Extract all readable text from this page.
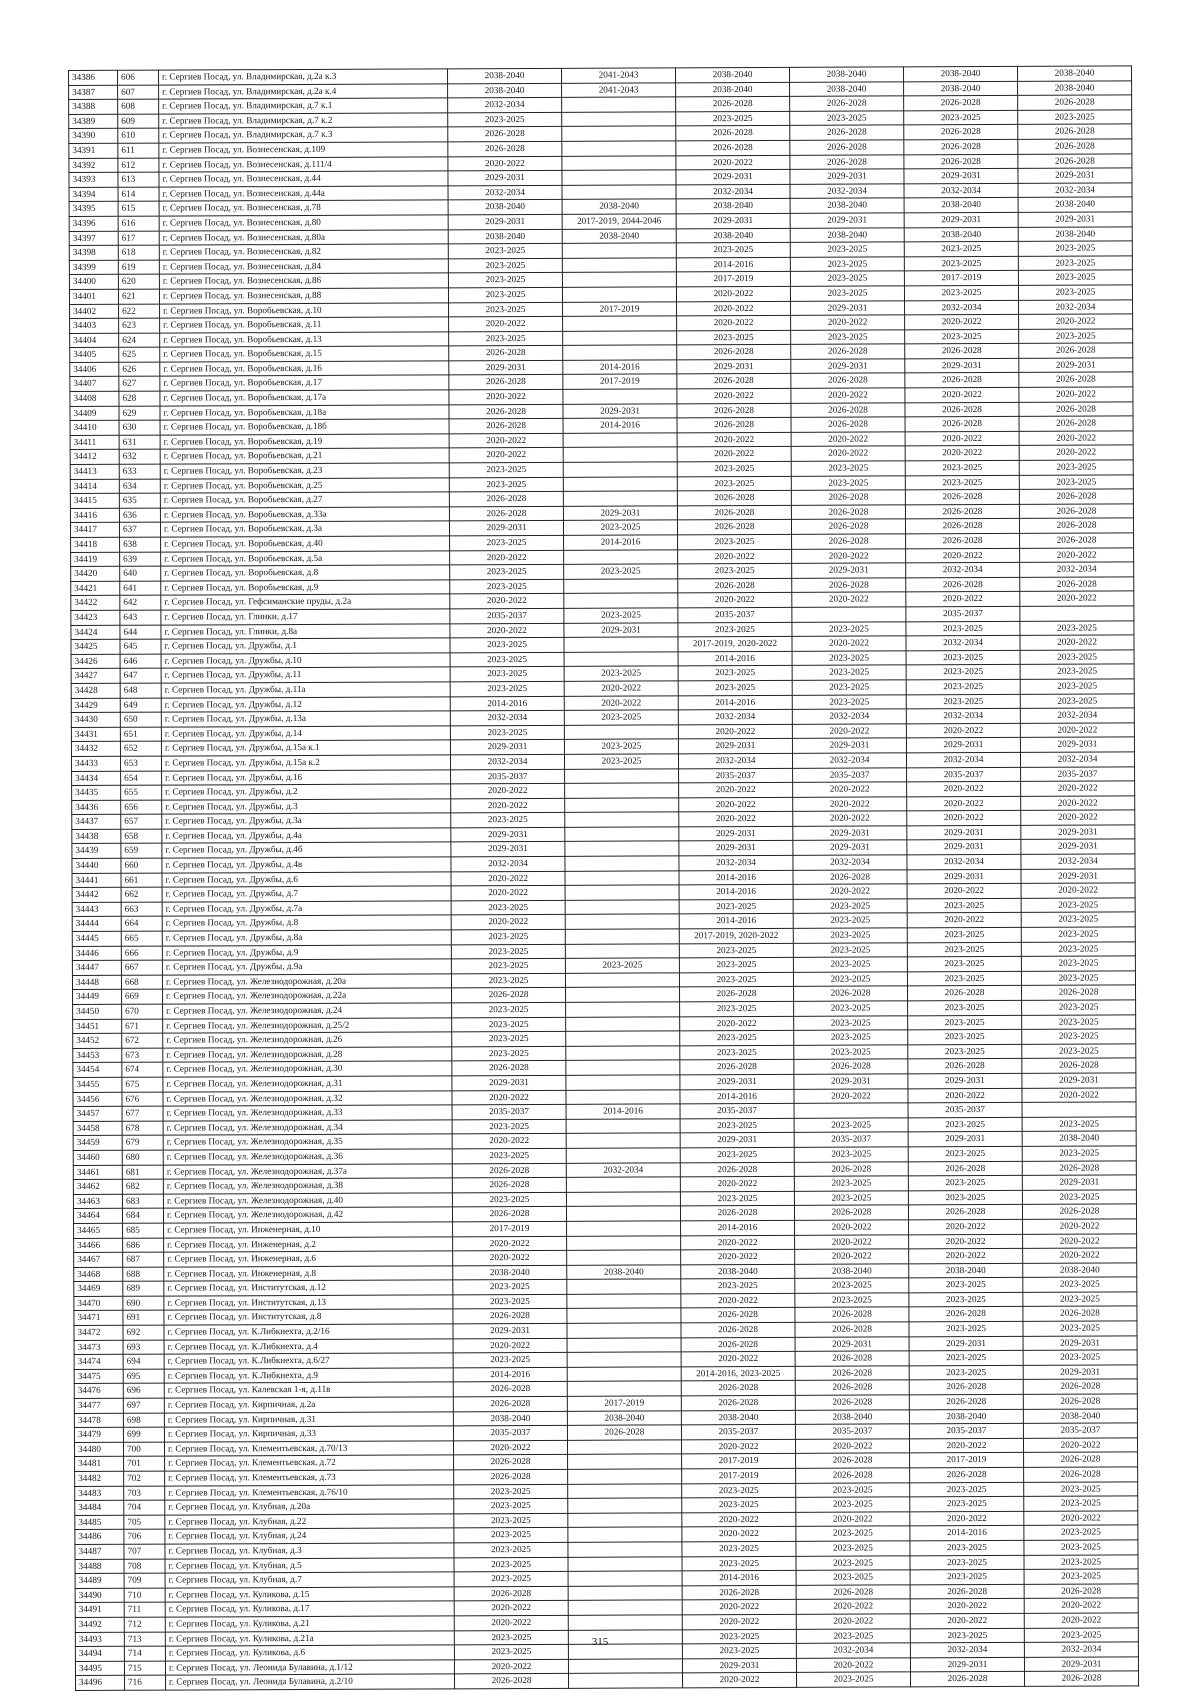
34386	606	г. Сергиев Посад, ул. Владимирская, д.2а к.3	2038-2040	2041-2043	2038-2040	2038-2040	2038-2040	2038-2040
34387	607	г. Сергиев Посад, ул. Владимирская, д.2а к.4	2038-2040	2041-2043	2038-2040	2038-2040	2038-2040	2038-2040
34388	608	г. Сергиев Посад, ул. Владимирская, д.7 к.1	2032-2034		2026-2028	2026-2028	2026-2028	2026-2028
34389	609	г. Сергиев Посад, ул. Владимирская, д.7 к.2	2023-2025		2023-2025	2023-2025	2023-2025	2023-2025
34390	610	г. Сергиев Посад, ул. Владимирская, д.7 к.3	2026-2028		2026-2028	2026-2028	2026-2028	2026-2028
34391	611	г. Сергиев Посад, ул. Вознесенская, д.109	2026-2028		2026-2028	2026-2028	2026-2028	2026-2028
34392	612	г. Сергиев Посад, ул. Вознесенская, д.111/4	2020-2022		2020-2022	2026-2028	2026-2028	2026-2028
34393	613	г. Сергиев Посад, ул. Вознесенская, д.44	2029-2031		2029-2031	2029-2031	2029-2031	2029-2031
34394	614	г. Сергиев Посад, ул. Вознесенская, д.44а	2032-2034		2032-2034	2032-2034	2032-2034	2032-2034
34395	615	г. Сергиев Посад, ул. Вознесенская, д.78	2038-2040	2038-2040	2038-2040	2038-2040	2038-2040	2038-2040
34396	616	г. Сергиев Посад, ул. Вознесенская, д.80	2029-2031	2017-2019, 2044-2046	2029-2031	2029-2031	2029-2031	2029-2031
34397	617	г. Сергиев Посад, ул. Вознесенская, д.80а	2038-2040	2038-2040	2038-2040	2038-2040	2038-2040	2038-2040
34398	618	г. Сергиев Посад, ул. Вознесенская, д.82	2023-2025		2023-2025	2023-2025	2023-2025	2023-2025
34399	619	г. Сергиев Посад, ул. Вознесенская, д.84	2023-2025		2014-2016	2023-2025	2023-2025	2023-2025
34400	620	г. Сергиев Посад, ул. Вознесенская, д.86	2023-2025		2017-2019	2023-2025	2017-2019	2023-2025
34401	621	г. Сергиев Посад, ул. Вознесенская, д.88	2023-2025		2020-2022	2023-2025	2023-2025	2023-2025
34402	622	г. Сергиев Посад, ул. Воробьевская, д.10	2023-2025	2017-2019	2020-2022	2029-2031	2032-2034	2032-2034
34403	623	г. Сергиев Посад, ул. Воробьевская, д.11	2020-2022		2020-2022	2020-2022	2020-2022	2020-2022
34404	624	г. Сергиев Посад, ул. Воробьевская, д.13	2023-2025		2023-2025	2023-2025	2023-2025	2023-2025
34405	625	г. Сергиев Посад, ул. Воробьевская, д.15	2026-2028		2026-2028	2026-2028	2026-2028	2026-2028
34406	626	г. Сергиев Посад, ул. Воробьевская, д.16	2029-2031	2014-2016	2029-2031	2029-2031	2029-2031	2029-2031
34407	627	г. Сергиев Посад, ул. Воробьевская, д.17	2026-2028	2017-2019	2026-2028	2026-2028	2026-2028	2026-2028
34408	628	г. Сергиев Посад, ул. Воробьевская, д.17а	2020-2022		2020-2022	2020-2022	2020-2022	2020-2022
34409	629	г. Сергиев Посад, ул. Воробьевская, д.18а	2026-2028	2029-2031	2026-2028	2026-2028	2026-2028	2026-2028
34410	630	г. Сергиев Посад, ул. Воробьевская, д.18б	2026-2028	2014-2016	2026-2028	2026-2028	2026-2028	2026-2028
34411	631	г. Сергиев Посад, ул. Воробьевская, д.19	2020-2022		2020-2022	2020-2022	2020-2022	2020-2022
34412	632	г. Сергиев Посад, ул. Воробьевская, д.21	2020-2022		2020-2022	2020-2022	2020-2022	2020-2022
34413	633	г. Сергиев Посад, ул. Воробьевская, д.23	2023-2025		2023-2025	2023-2025	2023-2025	2023-2025
34414	634	г. Сергиев Посад, ул. Воробьевская, д.25	2023-2025		2023-2025	2023-2025	2023-2025	2023-2025
34415	635	г. Сергиев Посад, ул. Воробьевская, д.27	2026-2028		2026-2028	2026-2028	2026-2028	2026-2028
34416	636	г. Сергиев Посад, ул. Воробьевская, д.33а	2026-2028	2029-2031	2026-2028	2026-2028	2026-2028	2026-2028
34417	637	г. Сергиев Посад, ул. Воробьевская, д.3а	2029-2031	2023-2025	2026-2028	2026-2028	2026-2028	2026-2028
34418	638	г. Сергиев Посад, ул. Воробьевская, д.40	2023-2025	2014-2016	2023-2025	2026-2028	2026-2028	2026-2028
34419	639	г. Сергиев Посад, ул. Воробьевская, д.5а	2020-2022		2020-2022	2020-2022	2020-2022	2020-2022
34420	640	г. Сергиев Посад, ул. Воробьевская, д.8	2023-2025	2023-2025	2023-2025	2029-2031	2032-2034	2032-2034
34421	641	г. Сергиев Посад, ул. Воробьевская, д.9	2023-2025		2026-2028	2026-2028	2026-2028	2026-2028
34422	642	г. Сергиев Посад, ул. Гефсиманские пруды, д.2а	2020-2022		2020-2022	2020-2022	2020-2022	2020-2022
34423	643	г. Сергиев Посад, ул. Глинки, д.17	2035-2037	2023-2025	2035-2037		2035-2037	
34424	644	г. Сергиев Посад, ул. Глинки, д.8а	2020-2022	2029-2031	2023-2025	2023-2025	2023-2025	2023-2025
34425	645	г. Сергиев Посад, ул. Дружбы, д.1	2023-2025		2017-2019, 2020-2022	2020-2022	2032-2034	2020-2022
34426	646	г. Сергиев Посад, ул. Дружбы, д.10	2023-2025		2014-2016	2023-2025	2023-2025	2023-2025
34427	647	г. Сергиев Посад, ул. Дружбы, д.11	2023-2025	2023-2025	2023-2025	2023-2025	2023-2025	2023-2025
34428	648	г. Сергиев Посад, ул. Дружбы, д.11а	2023-2025	2020-2022	2023-2025	2023-2025	2023-2025	2023-2025
34429	649	г. Сергиев Посад, ул. Дружбы, д.12	2014-2016	2020-2022	2014-2016	2023-2025	2023-2025	2023-2025
34430	650	г. Сергиев Посад, ул. Дружбы, д.13а	2032-2034	2023-2025	2032-2034	2032-2034	2032-2034	2032-2034
34431	651	г. Сергиев Посад, ул. Дружбы, д.14	2023-2025		2020-2022	2020-2022	2020-2022	2020-2022
34432	652	г. Сергиев Посад, ул. Дружбы, д.15а к.1	2029-2031	2023-2025	2029-2031	2029-2031	2029-2031	2029-2031
34433	653	г. Сергиев Посад, ул. Дружбы, д.15а к.2	2032-2034	2023-2025	2032-2034	2032-2034	2032-2034	2032-2034
34434	654	г. Сергиев Посад, ул. Дружбы, д.16	2035-2037		2035-2037	2035-2037	2035-2037	2035-2037
34435	655	г. Сергиев Посад, ул. Дружбы, д.2	2020-2022		2020-2022	2020-2022	2020-2022	2020-2022
34436	656	г. Сергиев Посад, ул. Дружбы, д.3	2020-2022		2020-2022	2020-2022	2020-2022	2020-2022
34437	657	г. Сергиев Посад, ул. Дружбы, д.3а	2023-2025		2020-2022	2020-2022	2020-2022	2020-2022
34438	658	г. Сергиев Посад, ул. Дружбы, д.4а	2029-2031		2029-2031	2029-2031	2029-2031	2029-2031
34439	659	г. Сергиев Посад, ул. Дружбы, д.4б	2029-2031		2029-2031	2029-2031	2029-2031	2029-2031
34440	660	г. Сергиев Посад, ул. Дружбы, д.4в	2032-2034		2032-2034	2032-2034	2032-2034	2032-2034
34441	661	г. Сергиев Посад, ул. Дружбы, д.6	2020-2022		2014-2016	2026-2028	2029-2031	2029-2031
34442	662	г. Сергиев Посад, ул. Дружбы, д.7	2020-2022		2014-2016	2020-2022	2020-2022	2020-2022
34443	663	г. Сергиев Посад, ул. Дружбы, д.7а	2023-2025		2023-2025	2023-2025	2023-2025	2023-2025
34444	664	г. Сергиев Посад, ул. Дружбы, д.8	2020-2022		2014-2016	2023-2025	2020-2022	2023-2025
34445	665	г. Сергиев Посад, ул. Дружбы, д.8а	2023-2025		2017-2019, 2020-2022	2023-2025	2023-2025	2023-2025
34446	666	г. Сергиев Посад, ул. Дружбы, д.9	2023-2025		2023-2025	2023-2025	2023-2025	2023-2025
34447	667	г. Сергиев Посад, ул. Дружбы, д.9а	2023-2025	2023-2025	2023-2025	2023-2025	2023-2025	2023-2025
34448	668	г. Сергиев Посад, ул. Железнодорожная, д.20а	2023-2025		2023-2025	2023-2025	2023-2025	2023-2025
34449	669	г. Сергиев Посад, ул. Железнодорожная, д.22а	2026-2028		2026-2028	2026-2028	2026-2028	2026-2028
34450	670	г. Сергиев Посад, ул. Железнодорожная, д.24	2023-2025		2023-2025	2023-2025	2023-2025	2023-2025
34451	671	г. Сергиев Посад, ул. Железнодорожная, д.25/2	2023-2025		2020-2022	2023-2025	2023-2025	2023-2025
34452	672	г. Сергиев Посад, ул. Железнодорожная, д.26	2023-2025		2023-2025	2023-2025	2023-2025	2023-2025
34453	673	г. Сергиев Посад, ул. Железнодорожная, д.28	2023-2025		2023-2025	2023-2025	2023-2025	2023-2025
34454	674	г. Сергиев Посад, ул. Железнодорожная, д.30	2026-2028		2026-2028	2026-2028	2026-2028	2026-2028
34455	675	г. Сергиев Посад, ул. Железнодорожная, д.31	2029-2031		2029-2031	2029-2031	2029-2031	2029-2031
34456	676	г. Сергиев Посад, ул. Железнодорожная, д.32	2020-2022		2014-2016	2020-2022	2020-2022	2020-2022
34457	677	г. Сергиев Посад, ул. Железнодорожная, д.33	2035-2037	2014-2016	2035-2037		2035-2037	
34458	678	г. Сергиев Посад, ул. Железнодорожная, д.34	2023-2025		2023-2025	2023-2025	2023-2025	2023-2025
34459	679	г. Сергиев Посад, ул. Железнодорожная, д.35	2020-2022		2029-2031	2035-2037	2029-2031	2038-2040
34460	680	г. Сергиев Посад, ул. Железнодорожная, д.36	2023-2025		2023-2025	2023-2025	2023-2025	2023-2025
34461	681	г. Сергиев Посад, ул. Железнодорожная, д.37а	2026-2028	2032-2034	2026-2028	2026-2028	2026-2028	2026-2028
34462	682	г. Сергиев Посад, ул. Железнодорожная, д.38	2026-2028		2020-2022	2023-2025	2023-2025	2029-2031
34463	683	г. Сергиев Посад, ул. Железнодорожная, д.40	2023-2025		2023-2025	2023-2025	2023-2025	2023-2025
34464	684	г. Сергиев Посад, ул. Железнодорожная, д.42	2026-2028		2026-2028	2026-2028	2026-2028	2026-2028
34465	685	г. Сергиев Посад, ул. Инженерная, д.10	2017-2019		2014-2016	2020-2022	2020-2022	2020-2022
34466	686	г. Сергиев Посад, ул. Инженерная, д.2	2020-2022		2020-2022	2020-2022	2020-2022	2020-2022
34467	687	г. Сергиев Посад, ул. Инженерная, д.6	2020-2022		2020-2022	2020-2022	2020-2022	2020-2022
34468	688	г. Сергиев Посад, ул. Инженерная, д.8	2038-2040	2038-2040	2038-2040	2038-2040	2038-2040	2038-2040
34469	689	г. Сергиев Посад, ул. Институтская, д.12	2023-2025		2023-2025	2023-2025	2023-2025	2023-2025
34470	690	г. Сергиев Посад, ул. Институтская, д.13	2023-2025		2020-2022	2023-2025	2023-2025	2023-2025
34471	691	г. Сергиев Посад, ул. Институтская, д.8	2026-2028		2026-2028	2026-2028	2026-2028	2026-2028
34472	692	г. Сергиев Посад, ул. К.Либкнехта, д.2/16	2029-2031		2026-2028	2026-2028	2023-2025	2023-2025
34473	693	г. Сергиев Посад, ул. К.Либкнехта, д.4	2020-2022		2026-2028	2029-2031	2029-2031	2029-2031
34474	694	г. Сергиев Посад, ул. К.Либкнехта, д.6/27	2023-2025		2020-2022	2026-2028	2023-2025	2023-2025
34475	695	г. Сергиев Посад, ул. К.Либкнехта, д.9	2014-2016		2014-2016, 2023-2025	2026-2028	2023-2025	2029-2031
34476	696	г. Сергиев Посад, ул. Калевская 1-я, д.11в	2026-2028		2026-2028	2026-2028	2026-2028	2026-2028
34477	697	г. Сергиев Посад, ул. Кирпичная, д.2а	2026-2028	2017-2019	2026-2028	2026-2028	2026-2028	2026-2028
34478	698	г. Сергиев Посад, ул. Кирпичная, д.31	2038-2040	2038-2040	2038-2040	2038-2040	2038-2040	2038-2040
34479	699	г. Сергиев Посад, ул. Кирпичная, д.33	2035-2037	2026-2028	2035-2037	2035-2037	2035-2037	2035-2037
34480	700	г. Сергиев Посад, ул. Клементьевская, д.70/13	2020-2022		2020-2022	2020-2022	2020-2022	2020-2022
34481	701	г. Сергиев Посад, ул. Клементьевская, д.72	2026-2028		2017-2019	2026-2028	2017-2019	2026-2028
34482	702	г. Сергиев Посад, ул. Клементьевская, д.73	2026-2028		2017-2019	2026-2028	2026-2028	2026-2028
34483	703	г. Сергиев Посад, ул. Клементьевская, д.76/10	2023-2025		2023-2025	2023-2025	2023-2025	2023-2025
34484	704	г. Сергиев Посад, ул. Клубная, д.20а	2023-2025		2023-2025	2023-2025	2023-2025	2023-2025
34485	705	г. Сергиев Посад, ул. Клубная, д.22	2023-2025		2020-2022	2020-2022	2020-2022	2020-2022
34486	706	г. Сергиев Посад, ул. Клубная, д.24	2023-2025		2020-2022	2023-2025	2014-2016	2023-2025
34487	707	г. Сергиев Посад, ул. Клубная, д.3	2023-2025		2023-2025	2023-2025	2023-2025	2023-2025
34488	708	г. Сергиев Посад, ул. Клубная, д.5	2023-2025		2023-2025	2023-2025	2023-2025	2023-2025
34489	709	г. Сергиев Посад, ул. Клубная, д.7	2023-2025		2014-2016	2023-2025	2023-2025	2023-2025
34490	710	г. Сергиев Посад, ул. Куликова, д.15	2026-2028		2026-2028	2026-2028	2026-2028	2026-2028
34491	711	г. Сергиев Посад, ул. Куликова, д.17	2020-2022		2020-2022	2020-2022	2020-2022	2020-2022
34492	712	г. Сергиев Посад, ул. Куликова, д.21	2020-2022		2020-2022	2020-2022	2020-2022	2020-2022
34493	713	г. Сергиев Посад, ул. Куликова, д.21а	2023-2025		2023-2025	2023-2025	2023-2025	2023-2025
34494	714	г. Сергиев Посад, ул. Куликова, д.6	2023-2025		2023-2025	2032-2034	2032-2034	2032-2034
34495	715	г. Сергиев Посад, ул. Леонида Булавина, д.1/12	2020-2022		2029-2031	2020-2022	2029-2031	2029-2031
34496	716	г. Сергиев Посад, ул. Леонида Булавина, д.2/10	2026-2028		2020-2022	2023-2025	2026-2028	2026-2028
315
